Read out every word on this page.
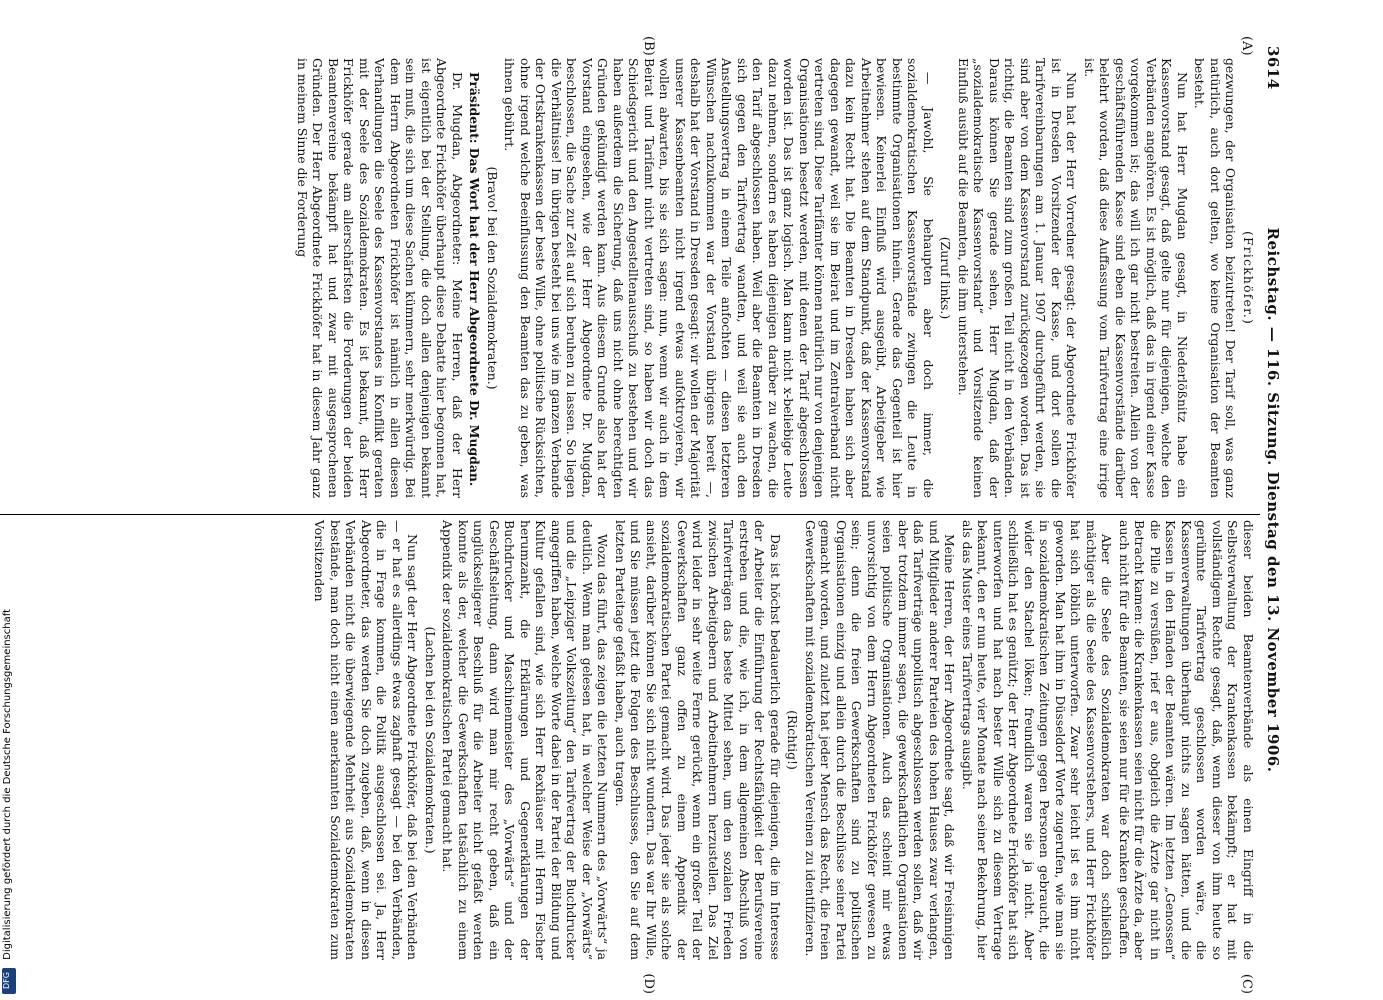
Digitalisierung gefördert durch die Deutsche Forschungsgemeinschaft
DFG
3614
Reichstag. — 116. Sitzung. Dienstag den 13. November 1906.
(A)
(B)
(C)
(D)

(Frickhöfer.)

gezwungen, der Organisation beizutreten! Der Tarif soll, was ganz natürlich, auch dort gelten, wo keine Organisation der Beamten besteht.

Nun hat Herr Mugdan gesagt, in Niederlößnitz habe ein Kassenvorstand gesagt, daß gelte nur für diejenigen, welche den Verbänden angehören. Es ist möglich, daß das in irgend einer Kasse vorgekommen ist; das will ich gar nicht bestreiten. Allein von der geschäftsführenden Kasse sind eben die Kassenvorstände darüber belehrt worden, daß diese Auffassung vom Tarifvertrag eine irrige ist.

Nun hat der Herr Vorredner gesagt: der Abgeordnete Frickhöfer ist in Dresden Vorsitzender der Kasse, und dort sollen die Tarifvereinbarungen am 1. Januar 1907 durchgeführt werden, sie sind aber von dem Kassenvorstand zurückgezogen worden. Das ist richtig, die Beamten sind zum großen Teil nicht in den Verbänden. Daraus können Sie gerade sehen, Herr Mugdan, daß der „sozialdemokratische Kassenvorstand“ und Vorsitzende keinen Einfluß ausübt auf die Beamten, die ihm unterstehen.

(Zuruf links.)

— Jawohl, Sie behaupten aber doch immer, die sozialdemokratischen Kassenvorstände zwingen die Leute in bestimmte Organisationen hinein. Gerade das Gegenteil ist hier bewiesen. Keinerlei Einfluß wird ausgeübt, Arbeitgeber wie Arbeitnehmer stehen auf dem Standpunkt, daß der Kassenvorstand dazu kein Recht hat. Die Beamten in Dresden haben sich aber dagegen gewandt, weil sie im Beirat und im Zentralverband nicht vertreten sind. Diese Tarifämter können natürlich nur von denjenigen Organisationen besetzt werden, mit denen der Tarif abgeschlossen worden ist. Das ist ganz logisch. Man kann nicht x-beliebige Leute dazu nehmen, sondern es haben diejenigen darüber zu wachen, die den Tarif abgeschlossen haben. Weil aber die Beamten in Dresden sich gegen den Tarifvertrag wandten, und weil sie auch den Anstellungsvertrag in einem Teile anfochten — diesen letzteren Wünschen nachzukommen war der Vorstand übrigens bereit —, deshalb hat der Vorstand in Dresden gesagt: wir wollen der Majorität unserer Kassenbeamten nicht irgend etwas aufoktroyieren, wir wollen abwarten, bis sie sich sagen: nun, wenn wir auch in dem Beirat und Tarifamt nicht vertreten sind, so haben wir doch das Schiedsgericht und den Angestelltenausschuß zu bestehen und wir haben außerdem die Sicherung, daß uns nicht ohne berechtigten Gründen gekündigt werden kann. Aus diesem Grunde also hat der Vorstand eingesehen, wie der Herr Abgeordnete Dr. Mugdan, beschlossen, die Sache zur Zeit auf sich beruhen zu lassen. So liegen die Verhältnisse! Im übrigen besteht bei uns wie im ganzen Verbande der Ortskrankenkassen der beste Wille, ohne politische Rücksichten, ohne irgend welche Beeinflussung den Beamten das zu geben, was ihnen gebührt.

(Bravo! bei den Sozialdemokraten.)

Präsident: Das Wort hat der Herr Abgeordnete Dr. Mugdan.

Dr. Mugdan, Abgeordneter: Meine Herren, daß der Herr Abgeordnete Frickhöfer überhaupt diese Debatte hier begonnen hat, ist eigentlich bei der Stellung, die doch allen denjenigen bekannt sein muß, die sich um diese Sachen kümmern, sehr merkwürdig. Bei dem Herrn Abgeordneten Frickhöfer ist nämlich in allen diesen Verhandlungen die Seele des Kassenvorstandes in Konflikt geraten mit der Seele des Sozialdemokraten. Es ist bekannt, daß Herr Frickhöfer gerade am allerschärfsten die Forderungen der beiden Beamtenvereine bekämpft hat und zwar mit ausgesprochenen Gründen. Der Herr Abgeordnete Frickhöfer hat in diesem Jahr ganz in meinem Sinne die Forderung

dieser beiden Beamtenverbände als einen Eingriff in die Selbstverwaltung der Krankenkassen bekämpft; er hat mit vollständigem Rechte gesagt, daß, wenn dieser von ihm heute so gerühmte Tarifvertrag geschlossen worden wäre, die Kassenverwaltungen überhaupt nichts zu sagen hätten, und die Kassen in den Händen der Beamten wären. Im letzten „Genossen“ die Pille zu versüßen, rief er aus, obgleich die Ärzte gar nicht in Betracht kamen: die Krankenkassen seien nicht für die Ärzte da, aber auch nicht für die Beamten, sie seien nur für die Kranken geschaffen.

Aber die Seele des Sozialdemokraten war doch schließlich mächtiger als die Seele des Kassenvorstehers, und Herr Frickhöfer hat sich löblich unterworfen. Zwar sehr leicht ist es ihm nicht geworden. Man hat ihm in Düsseldorf Worte zugerufen, wie man sie in sozialdemokratischen Zeitungen gegen Personen gebraucht, die wider den Stachel löken; freundlich waren sie ja nicht. Aber schließlich hat es genützt; der Herr Abgeordnete Frickhöfer hat sich unterworfen und hat nach bester Wille sich zu diesem Vertrage bekannt, den er nun heute, vier Monate nach seiner Bekehrung, hier als das Muster eines Tarifvertrags ausgibt.

Meine Herren, der Herr Abgeordnete sagt, daß wir Freisinnigen und Mitglieder anderer Parteien des hohen Hauses zwar verlangen, daß Tarifverträge unpolitisch abgeschlossen werden sollen, daß wir aber trotzdem immer sagen, die gewerkschaftlichen Organisationen seien politische Organisationen. Auch das scheint mir etwas unvorsichtig von dem Herrn Abgeordneten Frickhöfer gewesen zu sein; denn die freien Gewerkschaften sind zu politischen Organisationen einzig und allein durch die Beschlüsse seiner Partei gemacht worden, und zuletzt hat jeder Mensch das Recht, die freien Gewerkschaften mit sozialdemokratischen Vereinen zu identifizieren.

(Richtig!)

Das ist höchst bedauerlich gerade für diejenigen, die im Interesse der Arbeiter die Einführung der Rechtsfähigkeit der Berufsvereine erstreben und die, wie ich, in dem allgemeinen Abschluß von Tarifverträgen das beste Mittel sehen, um den sozialen Frieden zwischen Arbeitgebern und Arbeitnehmern herzustellen. Das Ziel wird leider in sehr weite Ferne gerückt, wenn ein großer Teil der Gewerkschaften ganz offen zu einem Appendix der sozialdemokratischen Partei gemacht wird. Das jeder sie als solche ansieht, darüber können Sie sich nicht wundern. Das war Ihr Wille, und Sie müssen jetzt die Folgen des Beschlusses, den Sie auf dem letzten Parteitage gefaßt haben, auch tragen.

Wozu das führt, das zeigen die letzten Nummern des „Vorwärts“ ja deutlich. Wenn man gelesen hat, in welcher Weise der „Vorwärts“ und die „Leipziger Volkszeitung“ den Tarifvertrag der Buchdrucker angegriffen haben, welche Worte dabei in der Partei der Bildung und Kultur gefallen sind, wie sich Herr Rexhäuser mit Herrn Fischer herumzankt, die Erklärungen und Gegenerklärungen der Buchdrucker und Maschinenmeister des „Vorwärts“ und der Geschäftsleitung, dann wird man mir recht geben, daß ein unglückseligerer Beschluß für die Arbeiter nicht gefaßt werden konnte als der, welcher die Gewerkschaften tatsächlich zu einem Appendix der sozialdemokratischen Partei gemacht hat.

(Lachen bei den Sozialdemokraten.)

Nun sagt der Herr Abgeordnete Frickhöfer, daß bei den Verbänden — er hat es allerdings etwas zaghaft gesagt — bei den Verbänden, die in Frage kommen, die Politik ausgeschlossen sei. Ja, Herr Abgeordneter, das werden Sie doch zugeben, daß, wenn in diesen Verbänden nicht die überwiegende Mehrheit aus Sozialdemokraten bestände, man doch nicht einen anerkannten Sozialdemokraten zum Vorsitzenden
